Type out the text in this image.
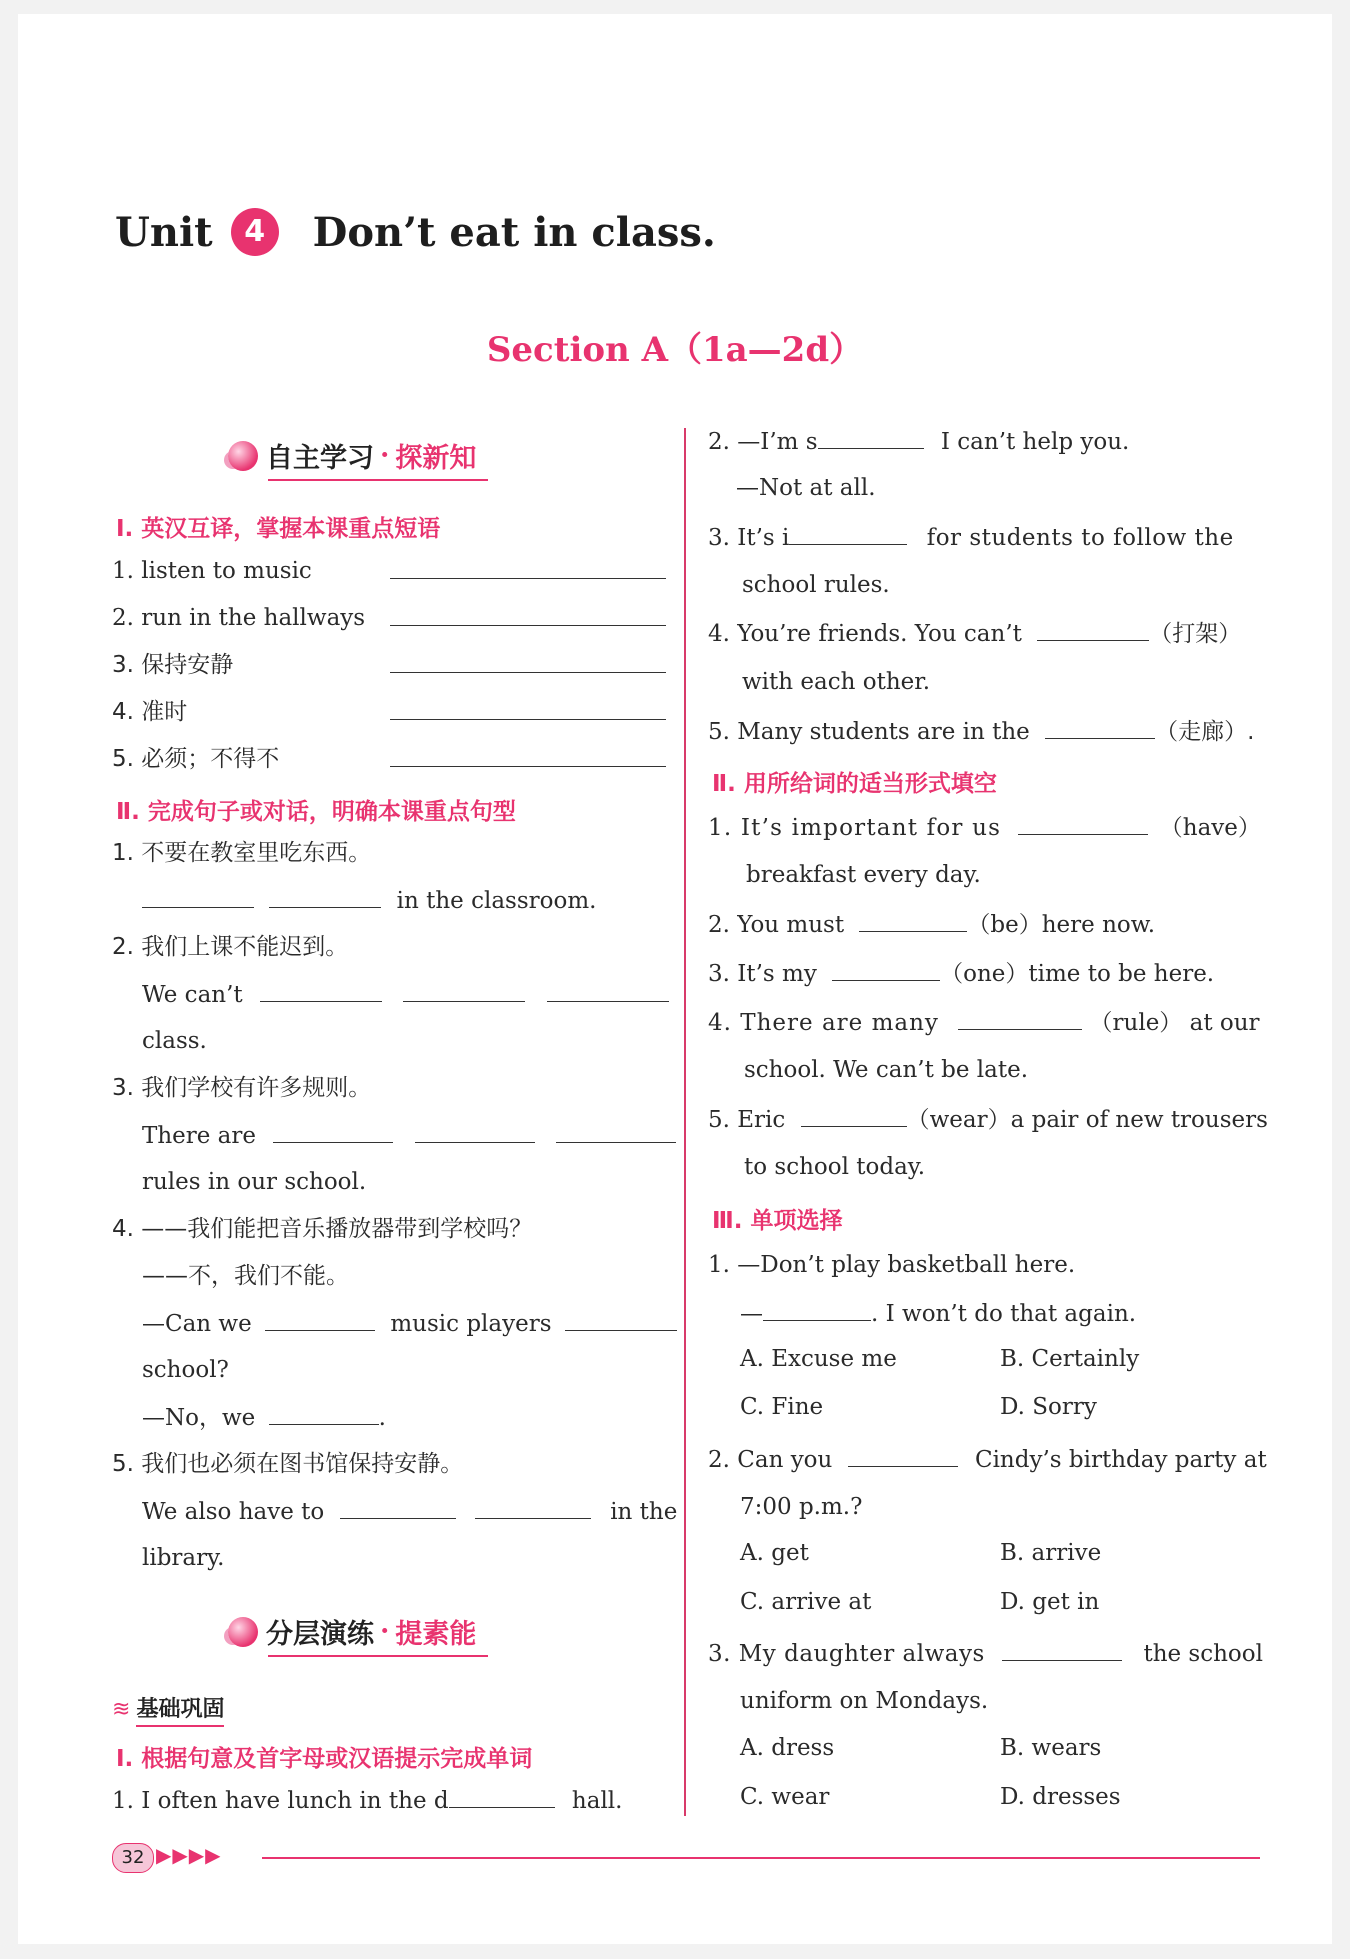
Unit	4	Don’t eat in class.
Section A（1a—2d）
自主学习 · 探新知
Ⅰ. 英汉互译，掌握本课重点短语
1. listen to music
2. run in the hallways
3. 保持安静
4. 准时
5. 必须；不得不
Ⅱ. 完成句子或对话，明确本课重点句型
1. 不要在教室里吃东西。
in the classroom.
2. 我们上课不能迟到。
We can’t
class.
3. 我们学校有许多规则。
There are
rules in our school.
4. ——我们能把音乐播放器带到学校吗？
——不，我们不能。
—Can we	music players
school?
—No，we	.
5. 我们也必须在图书馆保持安静。
We also have to	in the
library.
分层演练 · 提素能
≋ 基础巩固
Ⅰ. 根据句意及首字母或汉语提示完成单词
1. I often have lunch in the d	hall.
2. —I’m s	I can’t help you.
—Not at all.
3. It’s i	for students to follow the
school rules.
4. You’re friends. You can’t	（打架）
with each other.
5. Many students are in the	（走廊）.
Ⅱ. 用所给词的适当形式填空
1. It’s important for us	（have）
breakfast every day.
2. You must	（be）here now.
3. It’s my	（one）time to be here.
4. There are many	（rule） at our
school. We can’t be late.
5. Eric	（wear）a pair of new trousers
to school today.
Ⅲ. 单项选择
1. —Don’t play basketball here.
—	. I won’t do that again.
A. Excuse me	B. Certainly
C. Fine	D. Sorry
2. Can you	Cindy’s birthday party at
7:00 p.m.?
A. get	B. arrive
C. arrive at	D. get in
3. My daughter always	the school
uniform on Mondays.
A. dress	B. wears
C. wear	D. dresses
32 ▶▶▶▶
